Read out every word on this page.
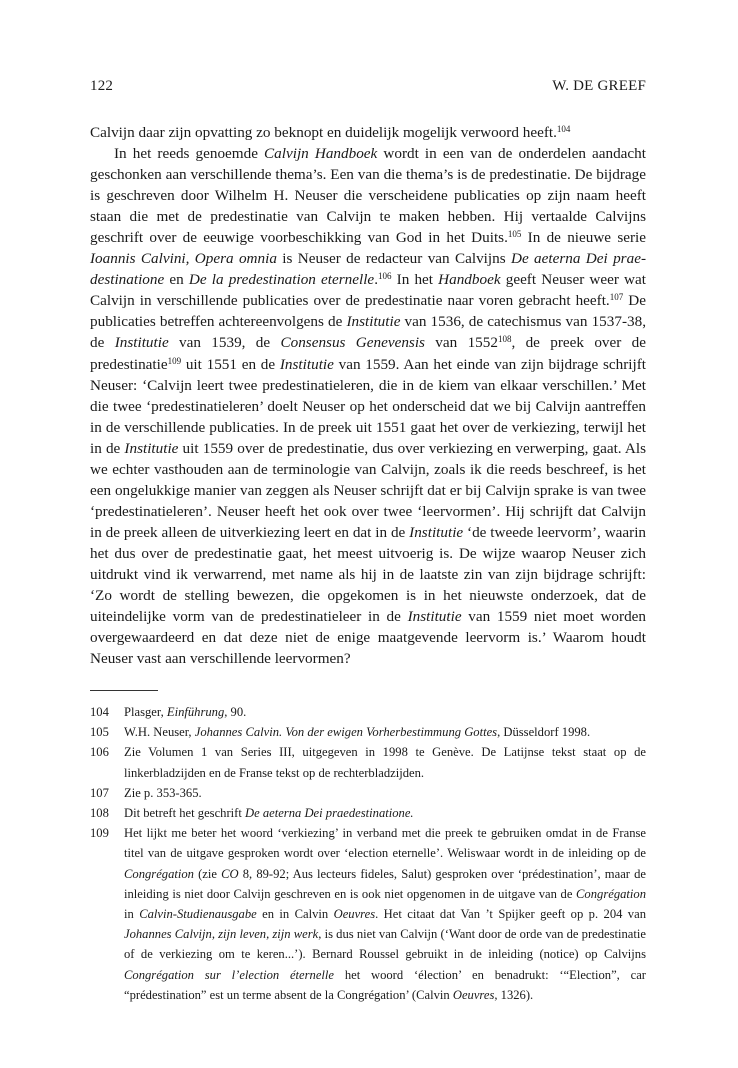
122	W. DE GREEF

Calvijn daar zijn opvatting zo beknopt en duidelijk mogelijk verwoord heeft.$^{104}$

In het reeds genoemde Calvijn Handboek wordt in een van de onderdelen aandacht geschonken aan verschillende thema’s. Een van die thema’s is de predestinatie. De bijdrage is geschreven door Wilhelm H. Neuser die verscheidene publicaties op zijn naam heeft staan die met de predestinatie van Calvijn te maken hebben. Hij vertaalde Calvijns geschrift over de eeuwige voorbeschikking van God in het Duits.$^{105}$ In de nieuwe serie Ioannis Calvini, Opera omnia is Neuser de redacteur van Calvijns De aeterna Dei praedestinatione en De la predestination eternelle.$^{106}$ In het Handboek geeft Neuser weer wat Calvijn in verschillende publicaties over de predestinatie naar voren gebracht heeft.$^{107}$ De publicaties betreffen achtereenvolgens de Institutie van 1536, de catechismus van 1537-38, de Institutie van 1539, de Consensus Genevensis van 1552$^{108}$, de preek over de predestinatie$^{109}$ uit 1551 en de Institutie van 1559. Aan het einde van zijn bijdrage schrijft Neuser: ‘Calvijn leert twee predestinatieleren, die in de kiem van elkaar verschillen.’ Met die twee ‘predestinatieleren’ doelt Neuser op het onderscheid dat we bij Calvijn aantreffen in de verschillende publicaties. In de preek uit 1551 gaat het over de verkiezing, terwijl het in de Institutie uit 1559 over de predestinatie, dus over verkiezing en verwerping, gaat. Als we echter vasthouden aan de terminologie van Calvijn, zoals ik die reeds beschreef, is het een ongelukkige manier van zeggen als Neuser schrijft dat er bij Calvijn sprake is van twee ‘predestinatieleren’. Neuser heeft het ook over twee ‘leervormen’. Hij schrijft dat Calvijn in de preek alleen de uitverkiezing leert en dat in de Institutie ‘de tweede leervorm’, waarin het dus over de predestinatie gaat, het meest uitvoerig is. De wijze waarop Neuser zich uitdrukt vind ik verwarrend, met name als hij in de laatste zin van zijn bijdrage schrijft: ‘Zo wordt de stelling bewezen, die opgekomen is in het nieuwste onderzoek, dat de uiteindelijke vorm van de predestinatieleer in de Institutie van 1559 niet moet worden overgewaardeerd en dat deze niet de enige maatgevende leervorm is.’ Waarom houdt Neuser vast aan verschillende leervormen?

104 Plasger, Einführung, 90.
105 W.H. Neuser, Johannes Calvin. Von der ewigen Vorherbestimmung Gottes, Düsseldorf 1998.
106 Zie Volumen 1 van Series III, uitgegeven in 1998 te Genève. De Latijnse tekst staat op de linkerbladzijden en de Franse tekst op de rechterbladzijden.
107 Zie p. 353-365.
108 Dit betreft het geschrift De aeterna Dei praedestinatione.
109 Het lijkt me beter het woord ‘verkiezing’ in verband met die preek te gebruiken omdat in de Franse titel van de uitgave gesproken wordt over ‘election eternelle’. Weliswaar wordt in de inleiding op de Congrégation (zie CO 8, 89-92; Aus lecteurs fideles, Salut) gesproken over ‘prédestination’, maar de inleiding is niet door Calvijn geschreven en is ook niet opgenomen in de uitgave van de Congrégation in Calvin-Studienausgabe en in Calvin Oeuvres. Het citaat dat Van ’t Spijker geeft op p. 204 van Johannes Calvijn, zijn leven, zijn werk, is dus niet van Calvijn (‘Want door de orde van de predestinatie of de verkiezing om te keren...’). Bernard Roussel gebruikt in de inleiding (notice) op Calvijns Congrégation sur l’election éternelle het woord ‘élection’ en benadrukt: ‘“Election”, car “prédestination” est un terme absent de la Congrégation’ (Calvin Oeuvres, 1326).
